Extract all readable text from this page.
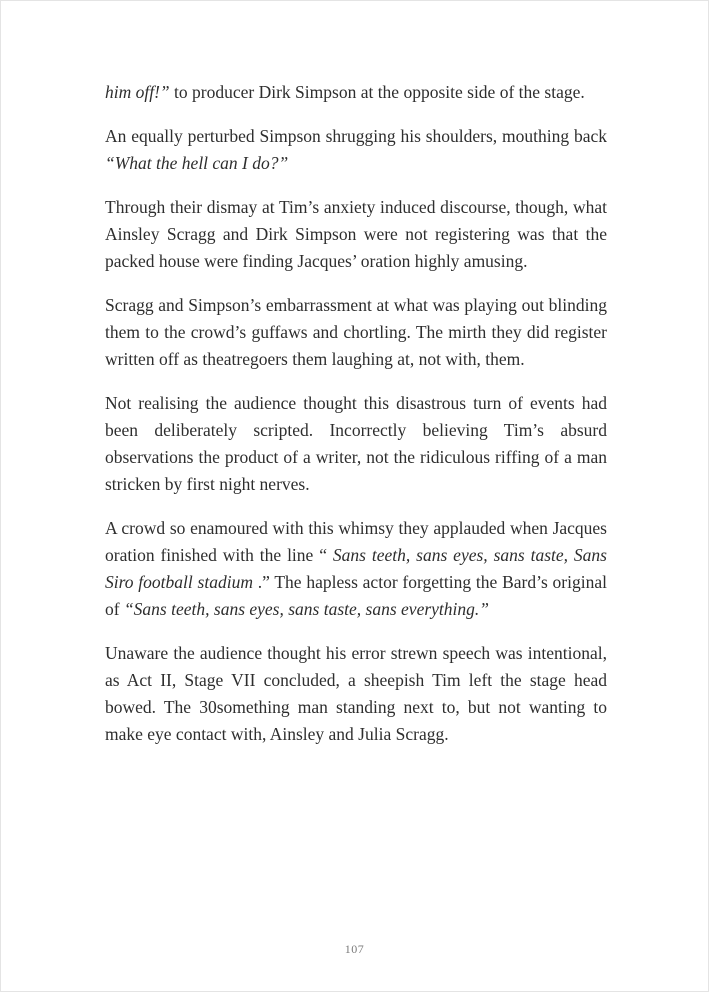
him off!” to producer Dirk Simpson at the opposite side of the stage.

An equally perturbed Simpson shrugging his shoulders, mouthing back “What the hell can I do?”

Through their dismay at Tim’s anxiety induced discourse, though, what Ainsley Scragg and Dirk Simpson were not registering was that the packed house were finding Jacques’ oration highly amusing.

Scragg and Simpson’s embarrassment at what was playing out blinding them to the crowd’s guffaws and chortling. The mirth they did register written off as theatregoers them laughing at, not with, them.

Not realising the audience thought this disastrous turn of events had been deliberately scripted. Incorrectly believing Tim’s absurd observations the product of a writer, not the ridiculous riffing of a man stricken by first night nerves.

A crowd so enamoured with this whimsy they applauded when Jacques oration finished with the line “ Sans teeth, sans eyes, sans taste, Sans Siro football stadium .” The hapless actor forgetting the Bard’s original of “Sans teeth, sans eyes, sans taste, sans everything.”

Unaware the audience thought his error strewn speech was intentional, as Act II, Stage VII concluded, a sheepish Tim left the stage head bowed. The 30something man standing next to, but not wanting to make eye contact with, Ainsley and Julia Scragg.

107
